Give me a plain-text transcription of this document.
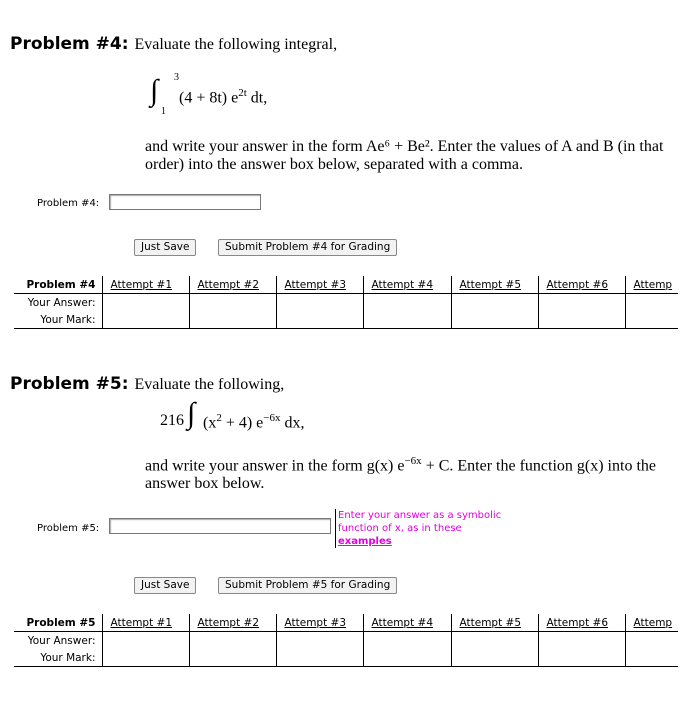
Problem #4: Evaluate the following integral,
∫ 3
1
(4 + 8t) $e^{2t}$ dt,
and write your answer in the form Ae⁶ + Be². Enter the values of A and B (in that order) into the answer box below, separated with a comma.
Problem #4:
Just Save	Submit Problem #4 for Grading
Problem #4	Attempt #1	Attempt #2	Attempt #3	Attempt #4	Attempt #5	Attempt #6	Attemp
Your Answer:							
Your Mark:							
Problem #5: Evaluate the following,
216 ∫ $(x^2 + 4)$ $e^{-6x}$ dx,
and write your answer in the form g(x) $e^{-6x} + C$. Enter the function g(x) into the answer box below.
Problem #5:
Enter your answer as a symbolic function of x, as in these
examples
Just Save	Submit Problem #5 for Grading
Problem #5	Attempt #1	Attempt #2	Attempt #3	Attempt #4	Attempt #5	Attempt #6	Attemp
Your Answer:							
Your Mark:							
